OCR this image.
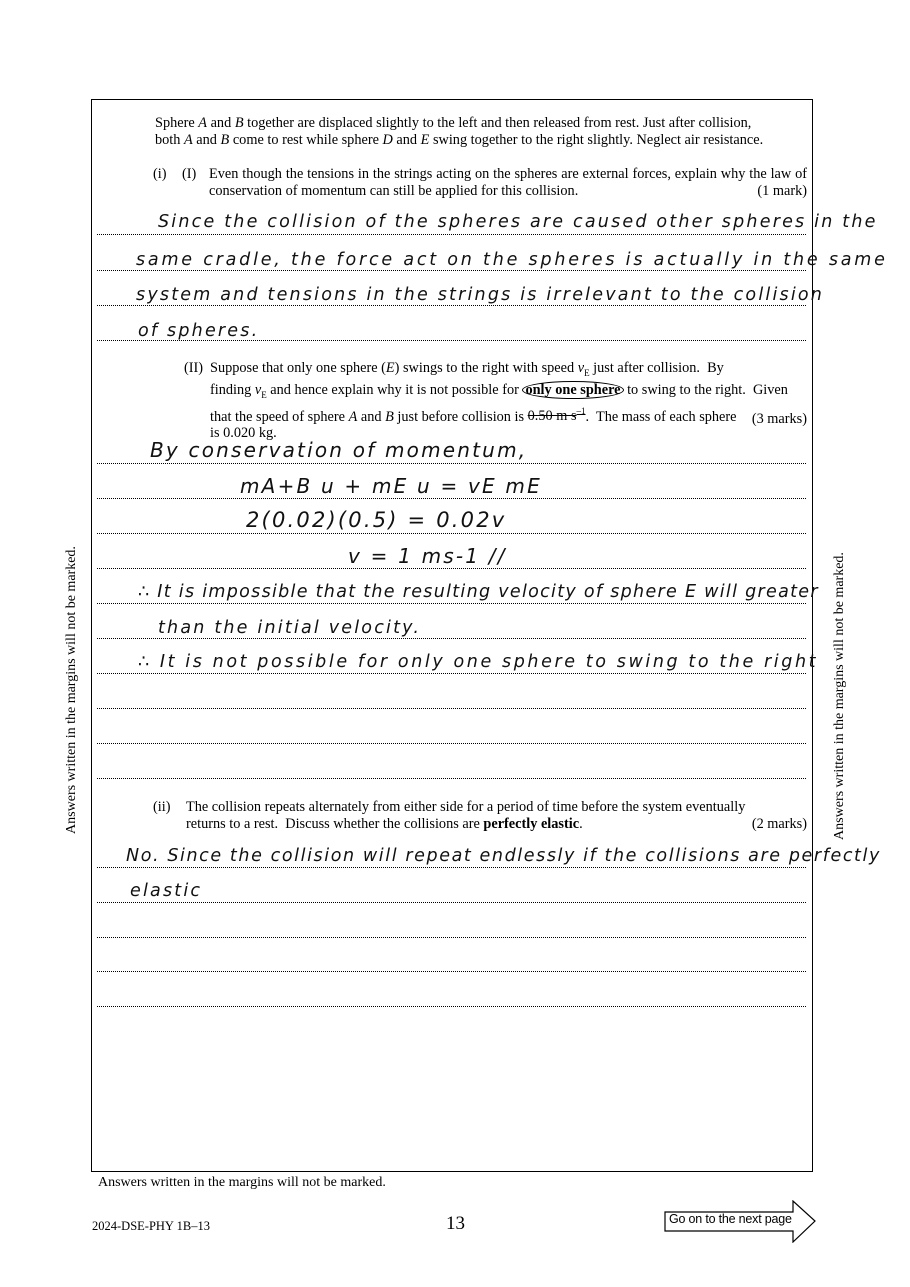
Answers written in the margins will not be marked.	Answers written in the margins will not be marked.
Sphere A and B together are displaced slightly to the left and then released from rest. Just after collision,
both A and B come to rest while sphere D and E swing together to the right slightly. Neglect air resistance.
(i) (I) Even though the tensions in the strings acting on the spheres are external forces, explain why the law of conservation of momentum can still be applied for this collision.	(1 mark)
Since the collision of the spheres are caused other spheres in the
same cradle, the force act on the spheres is actually in the same
system and tensions in the strings is irrelevant to the collision
of spheres.
(II) Suppose that only one sphere (E) swings to the right with speed $v_E$ just after collision.  By
finding $v_E$ and hence explain why it is not possible for only one sphere to swing to the right.  Given
that the speed of sphere A and B just before collision is 0.50 m $s^{-1}$.  The mass of each sphere
is 0.020 kg.
(3 marks)
By conservation of momentum,
mA+B u + mE u = vE mE
2(0.02)(0.5) = 0.02v
v = 1 ms-1 //
∴ It is impossible that the resulting velocity of sphere E will greater
than the initial velocity.
∴ It is not possible for only one sphere to swing to the right
(ii) The collision repeats alternately from either side for a period of time before the system eventually
returns to a rest.  Discuss whether the collisions are perfectly elastic.	(2 marks)
No. Since the collision will repeat endlessly if the collisions are perfectly
elastic
Answers written in the margins will not be marked.
2024-DSE-PHY 1B–13	13	Go on to the next page
